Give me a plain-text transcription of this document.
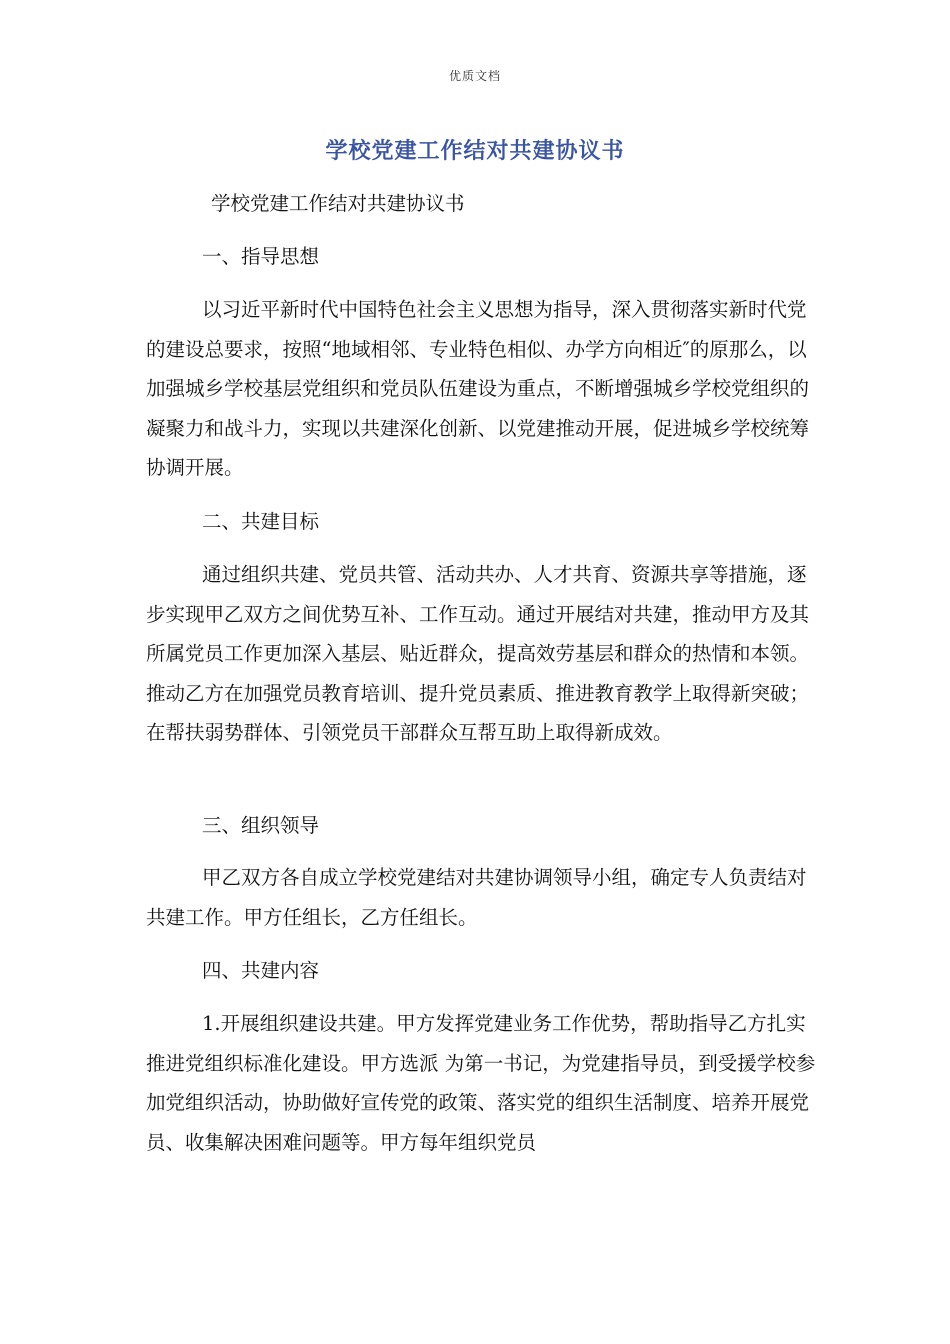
优质文档
学校党建工作结对共建协议书

学校党建工作结对共建协议书

一、指导思想

以习近平新时代中国特色社会主义思想为指导，深入贯彻落实新时代党的建设总要求，按照“地域相邻、专业特色相似、办学方向相近″的原那么，以加强城乡学校基层党组织和党员队伍建设为重点，不断增强城乡学校党组织的凝聚力和战斗力，实现以共建深化创新、以党建推动开展，促进城乡学校统筹协调开展。

二、共建目标

通过组织共建、党员共管、活动共办、人才共育、资源共享等措施，逐步实现甲乙双方之间优势互补、工作互动。通过开展结对共建，推动甲方及其所属党员工作更加深入基层、贴近群众，提高效劳基层和群众的热情和本领。推动乙方在加强党员教育培训、提升党员素质、推进教育教学上取得新突破；在帮扶弱势群体、引领党员干部群众互帮互助上取得新成效。

三、组织领导

甲乙双方各自成立学校党建结对共建协调领导小组，确定专人负责结对共建工作。甲方任组长，乙方任组长。

四、共建内容

1.开展组织建设共建。甲方发挥党建业务工作优势，帮助指导乙方扎实推进党组织标准化建设。甲方选派 为第一书记，为党建指导员，到受援学校参加党组织活动，协助做好宣传党的政策、落实党的组织生活制度、培养开展党员、收集解决困难问题等。甲方每年组织党员
